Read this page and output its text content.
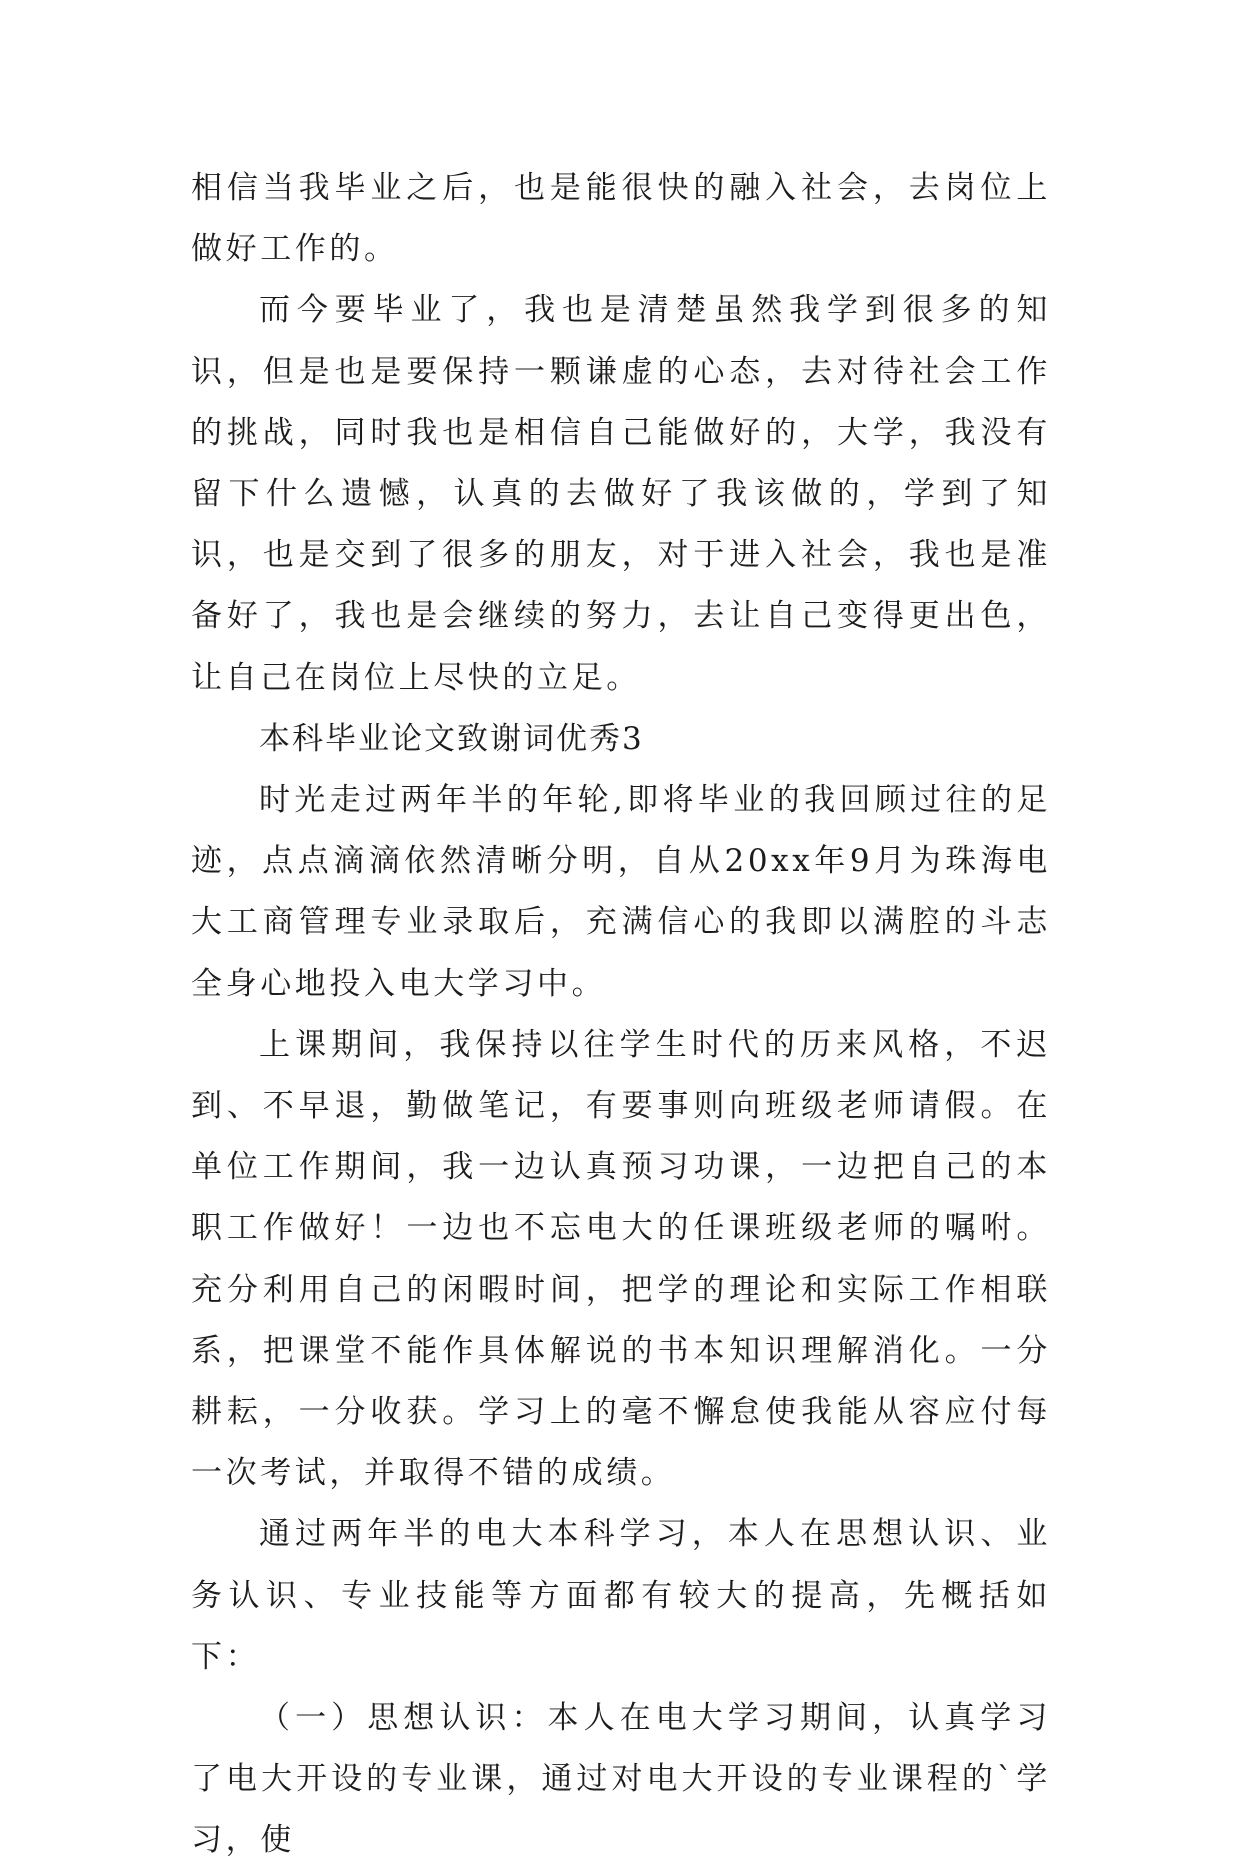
相信当我毕业之后，也是能很快的融入社会，去岗位上做好工作的。

而今要毕业了，我也是清楚虽然我学到很多的知识，但是也是要保持一颗谦虚的心态，去对待社会工作的挑战，同时我也是相信自己能做好的，大学，我没有留下什么遗憾，认真的去做好了我该做的，学到了知识，也是交到了很多的朋友，对于进入社会，我也是准备好了，我也是会继续的努力，去让自己变得更出色，让自己在岗位上尽快的立足。

本科毕业论文致谢词优秀3

时光走过两年半的年轮,即将毕业的我回顾过往的足迹，点点滴滴依然清晰分明，自从20xx年9月为珠海电大工商管理专业录取后，充满信心的我即以满腔的斗志全身心地投入电大学习中。

上课期间，我保持以往学生时代的历来风格，不迟到、不早退，勤做笔记，有要事则向班级老师请假。在单位工作期间，我一边认真预习功课，一边把自己的本职工作做好！一边也不忘电大的任课班级老师的嘱咐。充分利用自己的闲暇时间，把学的理论和实际工作相联系，把课堂不能作具体解说的书本知识理解消化。一分耕耘，一分收获。学习上的毫不懈怠使我能从容应付每一次考试，并取得不错的成绩。

通过两年半的电大本科学习，本人在思想认识、业务认识、专业技能等方面都有较大的提高，先概括如下：

（一）思想认识：本人在电大学习期间，认真学习了电大开设的专业课，通过对电大开设的专业课程的`学习，使
